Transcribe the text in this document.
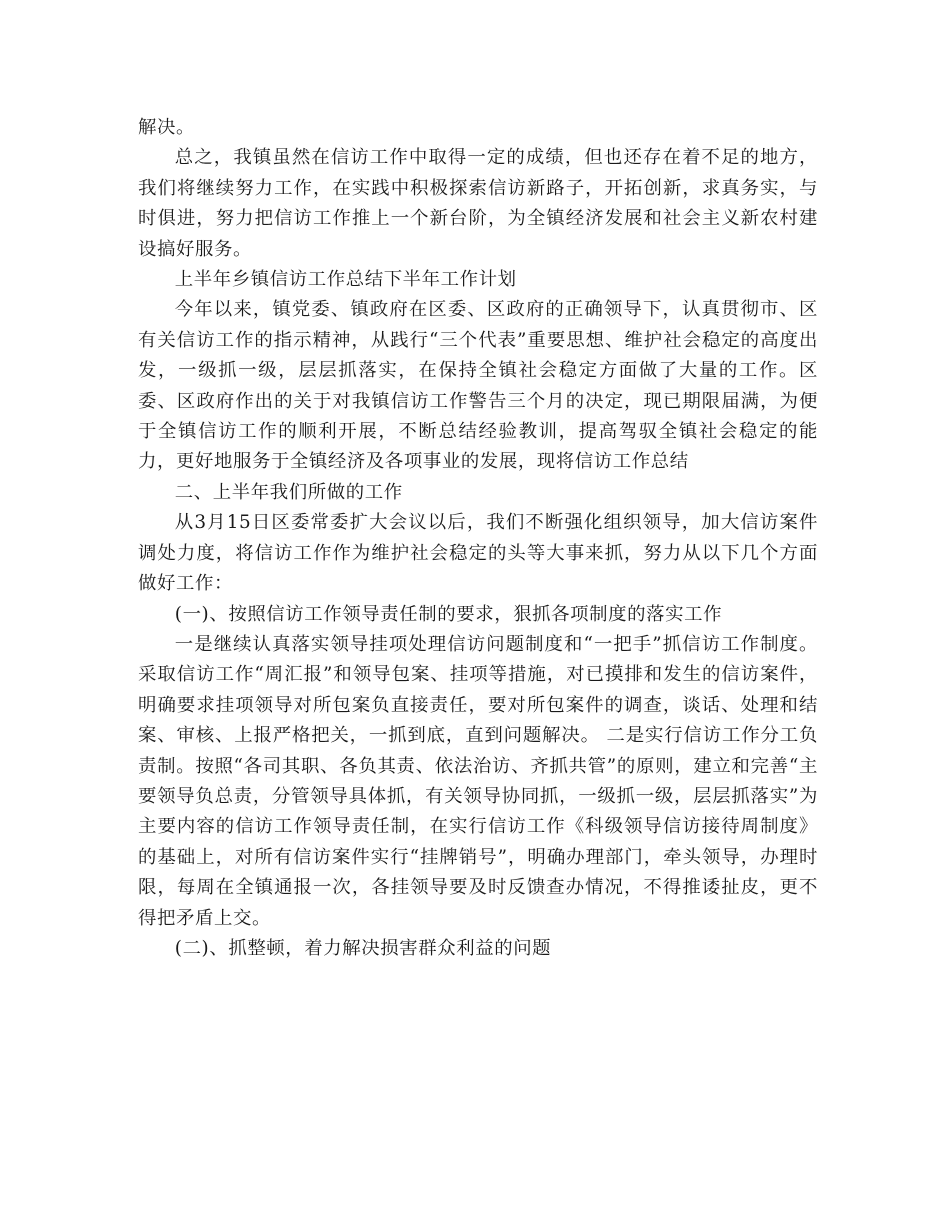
解决。

总之，我镇虽然在信访工作中取得一定的成绩，但也还存在着不足的地方，我们将继续努力工作，在实践中积极探索信访新路子，开拓创新，求真务实，与时俱进，努力把信访工作推上一个新台阶，为全镇经济发展和社会主义新农村建设搞好服务。

上半年乡镇信访工作总结下半年工作计划

今年以来，镇党委、镇政府在区委、区政府的正确领导下，认真贯彻市、区有关信访工作的指示精神，从践行“三个代表”重要思想、维护社会稳定的高度出发，一级抓一级，层层抓落实，在保持全镇社会稳定方面做了大量的工作。区委、区政府作出的关于对我镇信访工作警告三个月的决定，现已期限届满，为便于全镇信访工作的顺利开展，不断总结经验教训，提高驾驭全镇社会稳定的能力，更好地服务于全镇经济及各项事业的发展，现将信访工作总结

二、上半年我们所做的工作

从3月15日区委常委扩大会议以后，我们不断强化组织领导，加大信访案件调处力度，将信访工作作为维护社会稳定的头等大事来抓，努力从以下几个方面做好工作：

(一)、按照信访工作领导责任制的要求，狠抓各项制度的落实工作

一是继续认真落实领导挂项处理信访问题制度和“一把手”抓信访工作制度。采取信访工作“周汇报”和领导包案、挂项等措施，对已摸排和发生的信访案件，明确要求挂项领导对所包案负直接责任，要对所包案件的调查，谈话、处理和结案、审核、上报严格把关，一抓到底，直到问题解决。 二是实行信访工作分工负责制。按照“各司其职、各负其责、依法治访、齐抓共管”的原则，建立和完善“主要领导负总责，分管领导具体抓，有关领导协同抓，一级抓一级，层层抓落实”为主要内容的信访工作领导责任制，在实行信访工作《科级领导信访接待周制度》的基础上，对所有信访案件实行“挂牌销号”，明确办理部门，牵头领导，办理时限，每周在全镇通报一次，各挂领导要及时反馈查办情况，不得推诿扯皮，更不得把矛盾上交。

(二)、抓整顿，着力解决损害群众利益的问题
